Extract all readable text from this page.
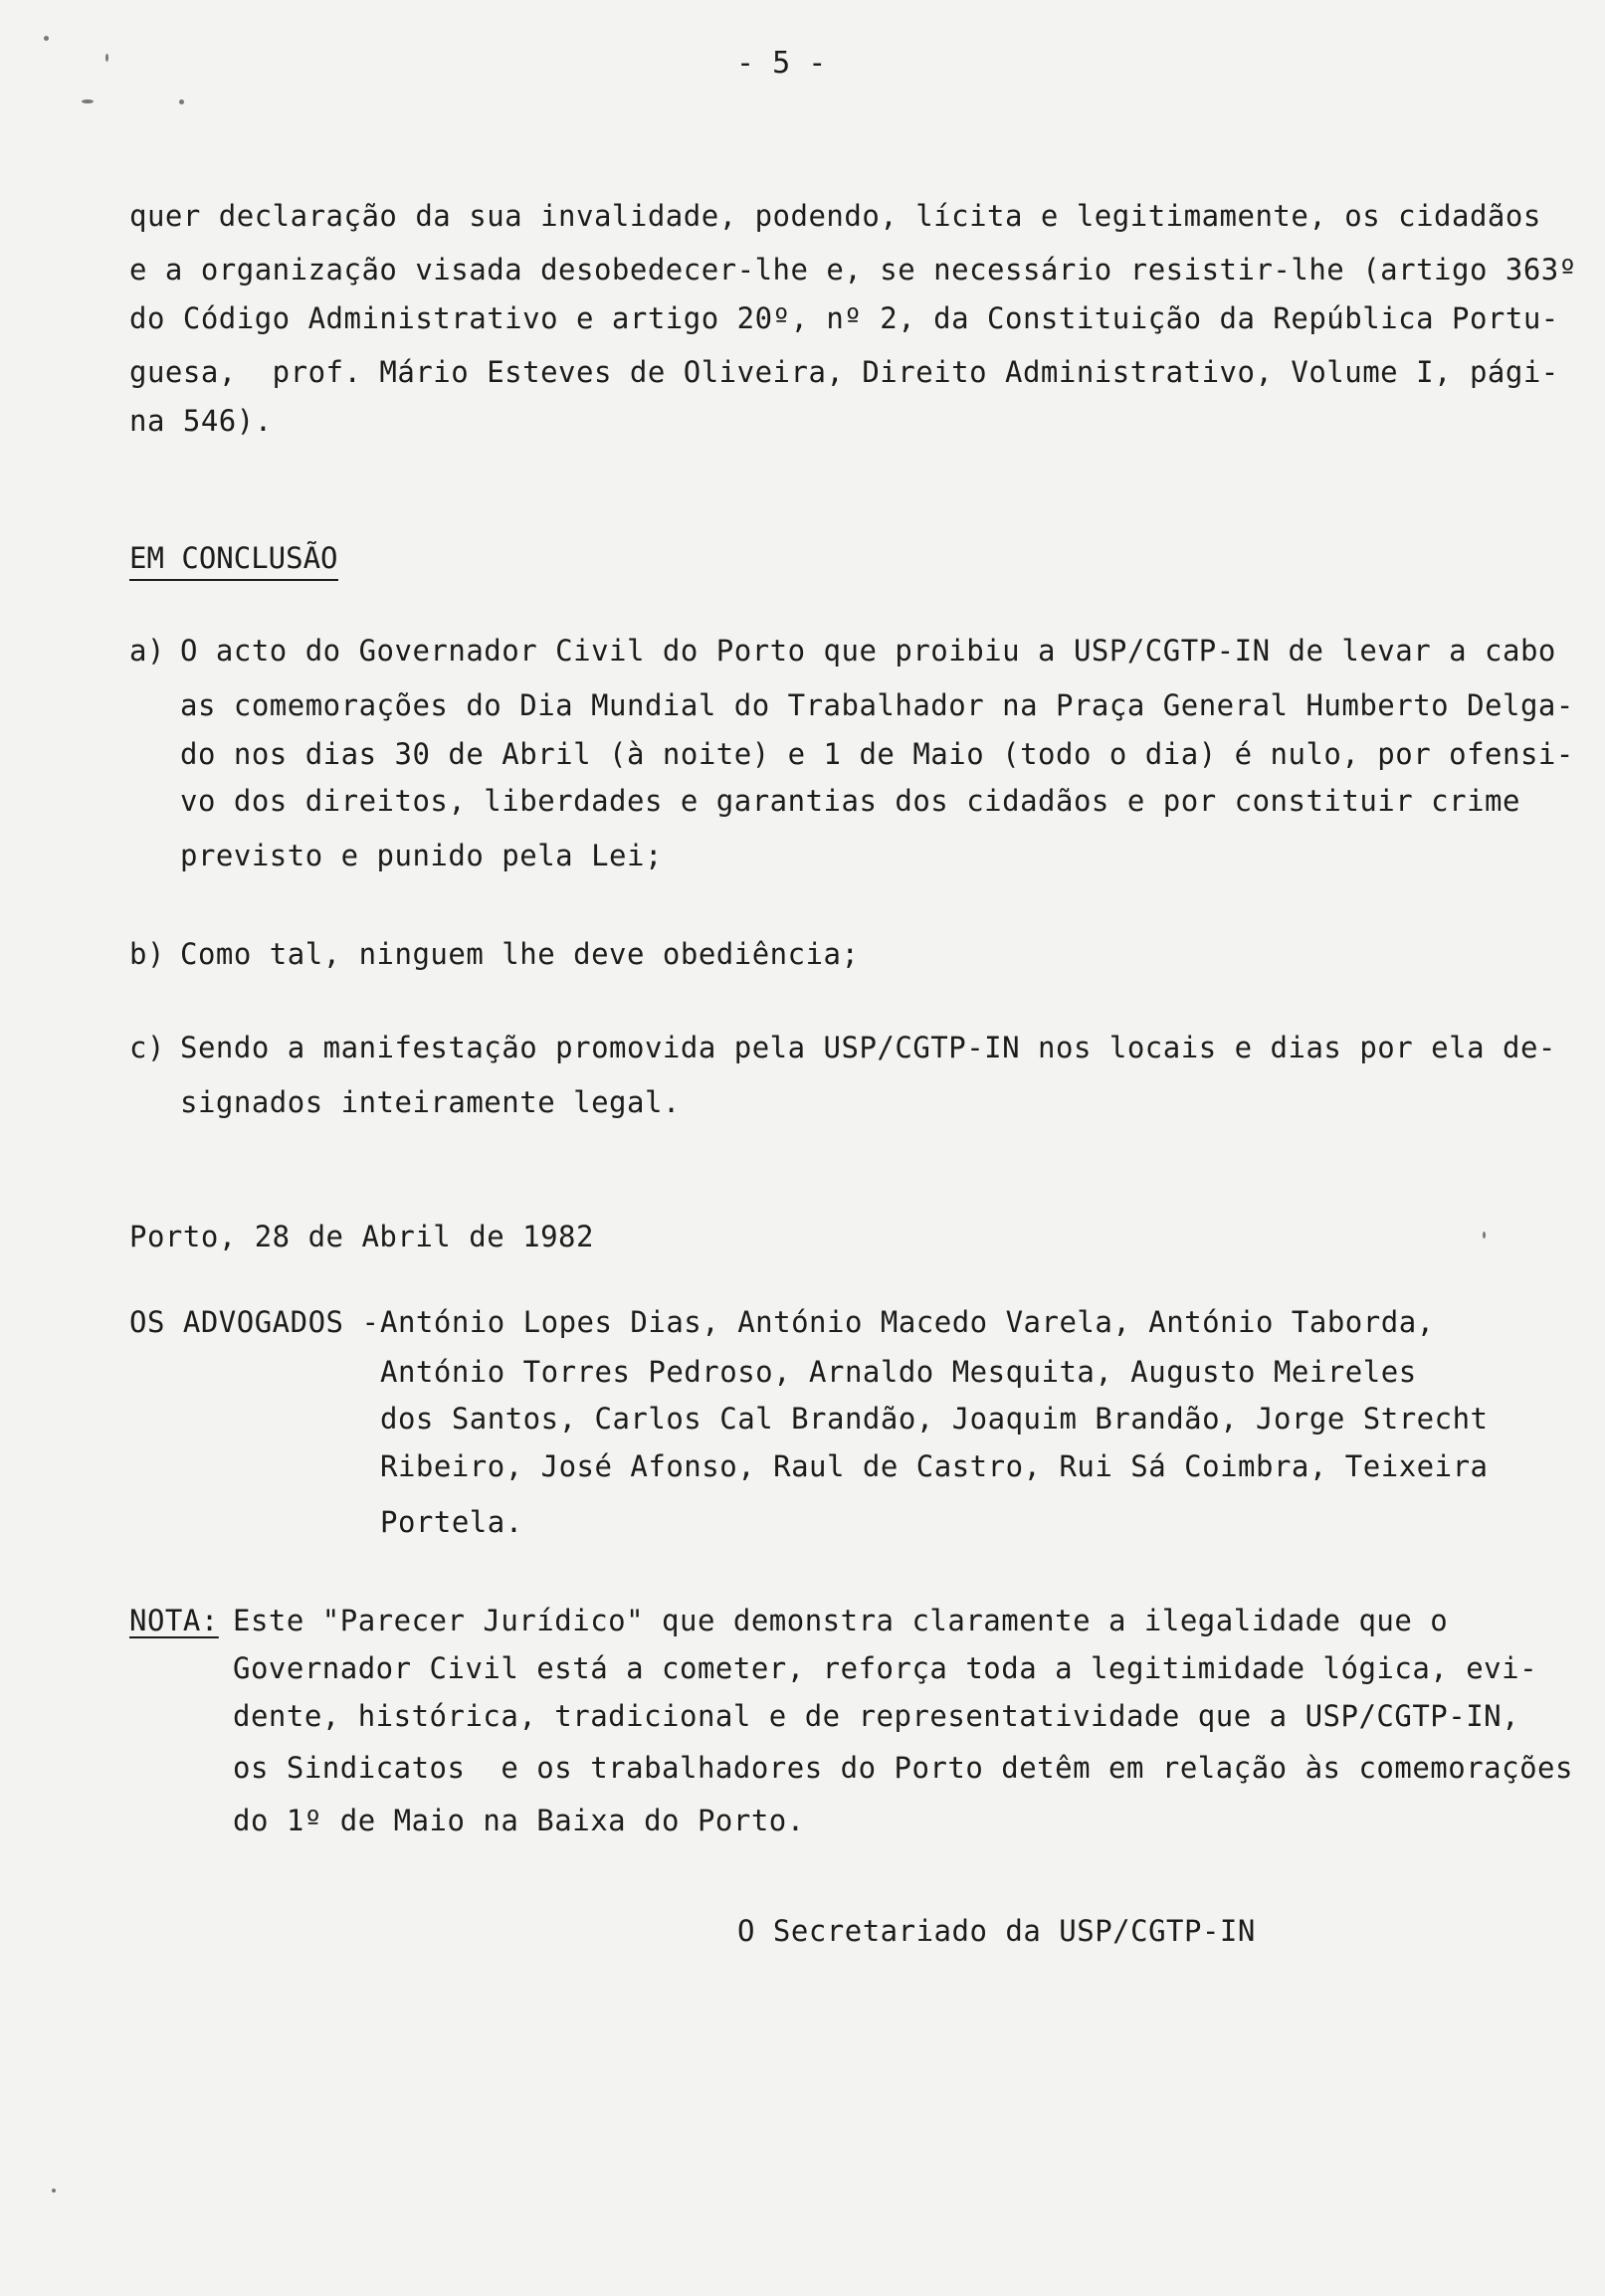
- 5 -
quer declaração da sua invalidade, podendo, lícita e legitimamente, os cidadãos
e a organização visada desobedecer-lhe e, se necessário resistir-lhe (artigo 363º
do Código Administrativo e artigo 20º, nº 2, da Constituição da República Portu-
guesa,  prof. Mário Esteves de Oliveira, Direito Administrativo, Volume I, pági-
na 546).
EM CONCLUSÃO
a) O acto do Governador Civil do Porto que proibiu a USP/CGTP-IN de levar a cabo
as comemorações do Dia Mundial do Trabalhador na Praça General Humberto Delga-
do nos dias 30 de Abril (à noite) e 1 de Maio (todo o dia) é nulo, por ofensi-
vo dos direitos, liberdades e garantias dos cidadãos e por constituir crime
previsto e punido pela Lei;
b) Como tal, ninguem lhe deve obediência;
c) Sendo a manifestação promovida pela USP/CGTP-IN nos locais e dias por ela de-
signados inteiramente legal.
Porto, 28 de Abril de 1982
OS ADVOGADOS - António Lopes Dias, António Macedo Varela, António Taborda,
António Torres Pedroso, Arnaldo Mesquita, Augusto Meireles
dos Santos, Carlos Cal Brandão, Joaquim Brandão, Jorge Strecht
Ribeiro, José Afonso, Raul de Castro, Rui Sá Coimbra, Teixeira
Portela.
NOTA: Este "Parecer Jurídico" que demonstra claramente a ilegalidade que o
Governador Civil está a cometer, reforça toda a legitimidade lógica, evi-
dente, histórica, tradicional e de representatividade que a USP/CGTP-IN,
os Sindicatos  e os trabalhadores do Porto detêm em relação às comemorações
do 1º de Maio na Baixa do Porto.
O Secretariado da USP/CGTP-IN
